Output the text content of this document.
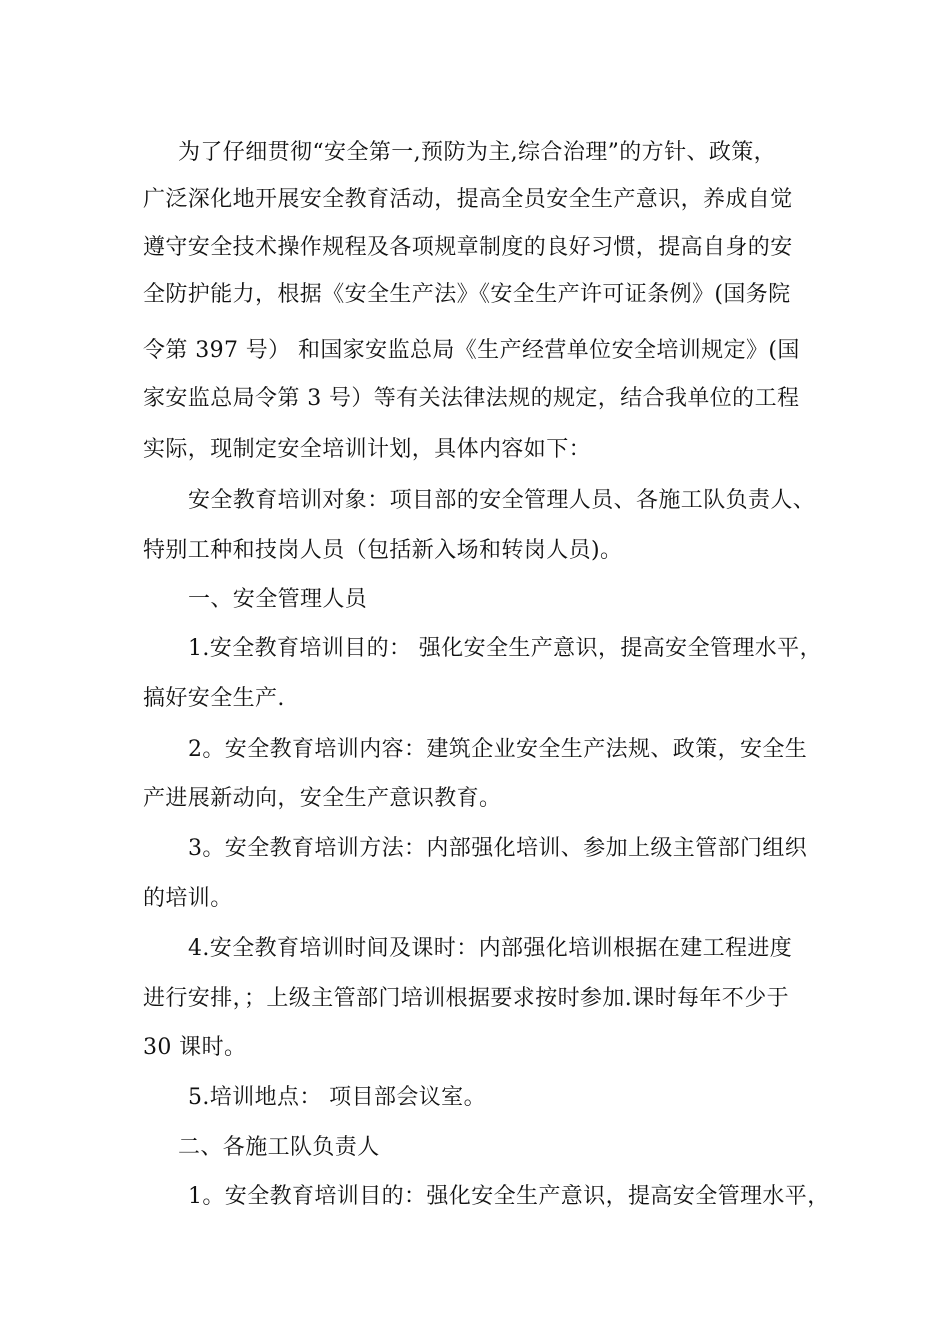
为了仔细贯彻“安全第一,预防为主,综合治理”的方针、政策，
广泛深化地开展安全教育活动，提高全员安全生产意识，养成自觉
遵守安全技术操作规程及各项规章制度的良好习惯，提高自身的安
全防护能力，根据《安全生产法》《安全生产许可证条例》(国务院
令第 397 号） 和国家安监总局《生产经营单位安全培训规定》(国
家安监总局令第 3 号）等有关法律法规的规定，结合我单位的工程
实际，现制定安全培训计划，具体内容如下：
安全教育培训对象：项目部的安全管理人员、各施工队负责人、
特别工种和技岗人员（包括新入场和转岗人员)。
一、安全管理人员
1.安全教育培训目的： 强化安全生产意识，提高安全管理水平，
搞好安全生产.
2。安全教育培训内容：建筑企业安全生产法规、政策，安全生
产进展新动向，安全生产意识教育。
3。安全教育培训方法：内部强化培训、参加上级主管部门组织
的培训。
4.安全教育培训时间及课时：内部强化培训根据在建工程进度
进行安排，；上级主管部门培训根据要求按时参加.课时每年不少于
30 课时。
5.培训地点： 项目部会议室。
二、各施工队负责人
1。安全教育培训目的：强化安全生产意识，提高安全管理水平，
